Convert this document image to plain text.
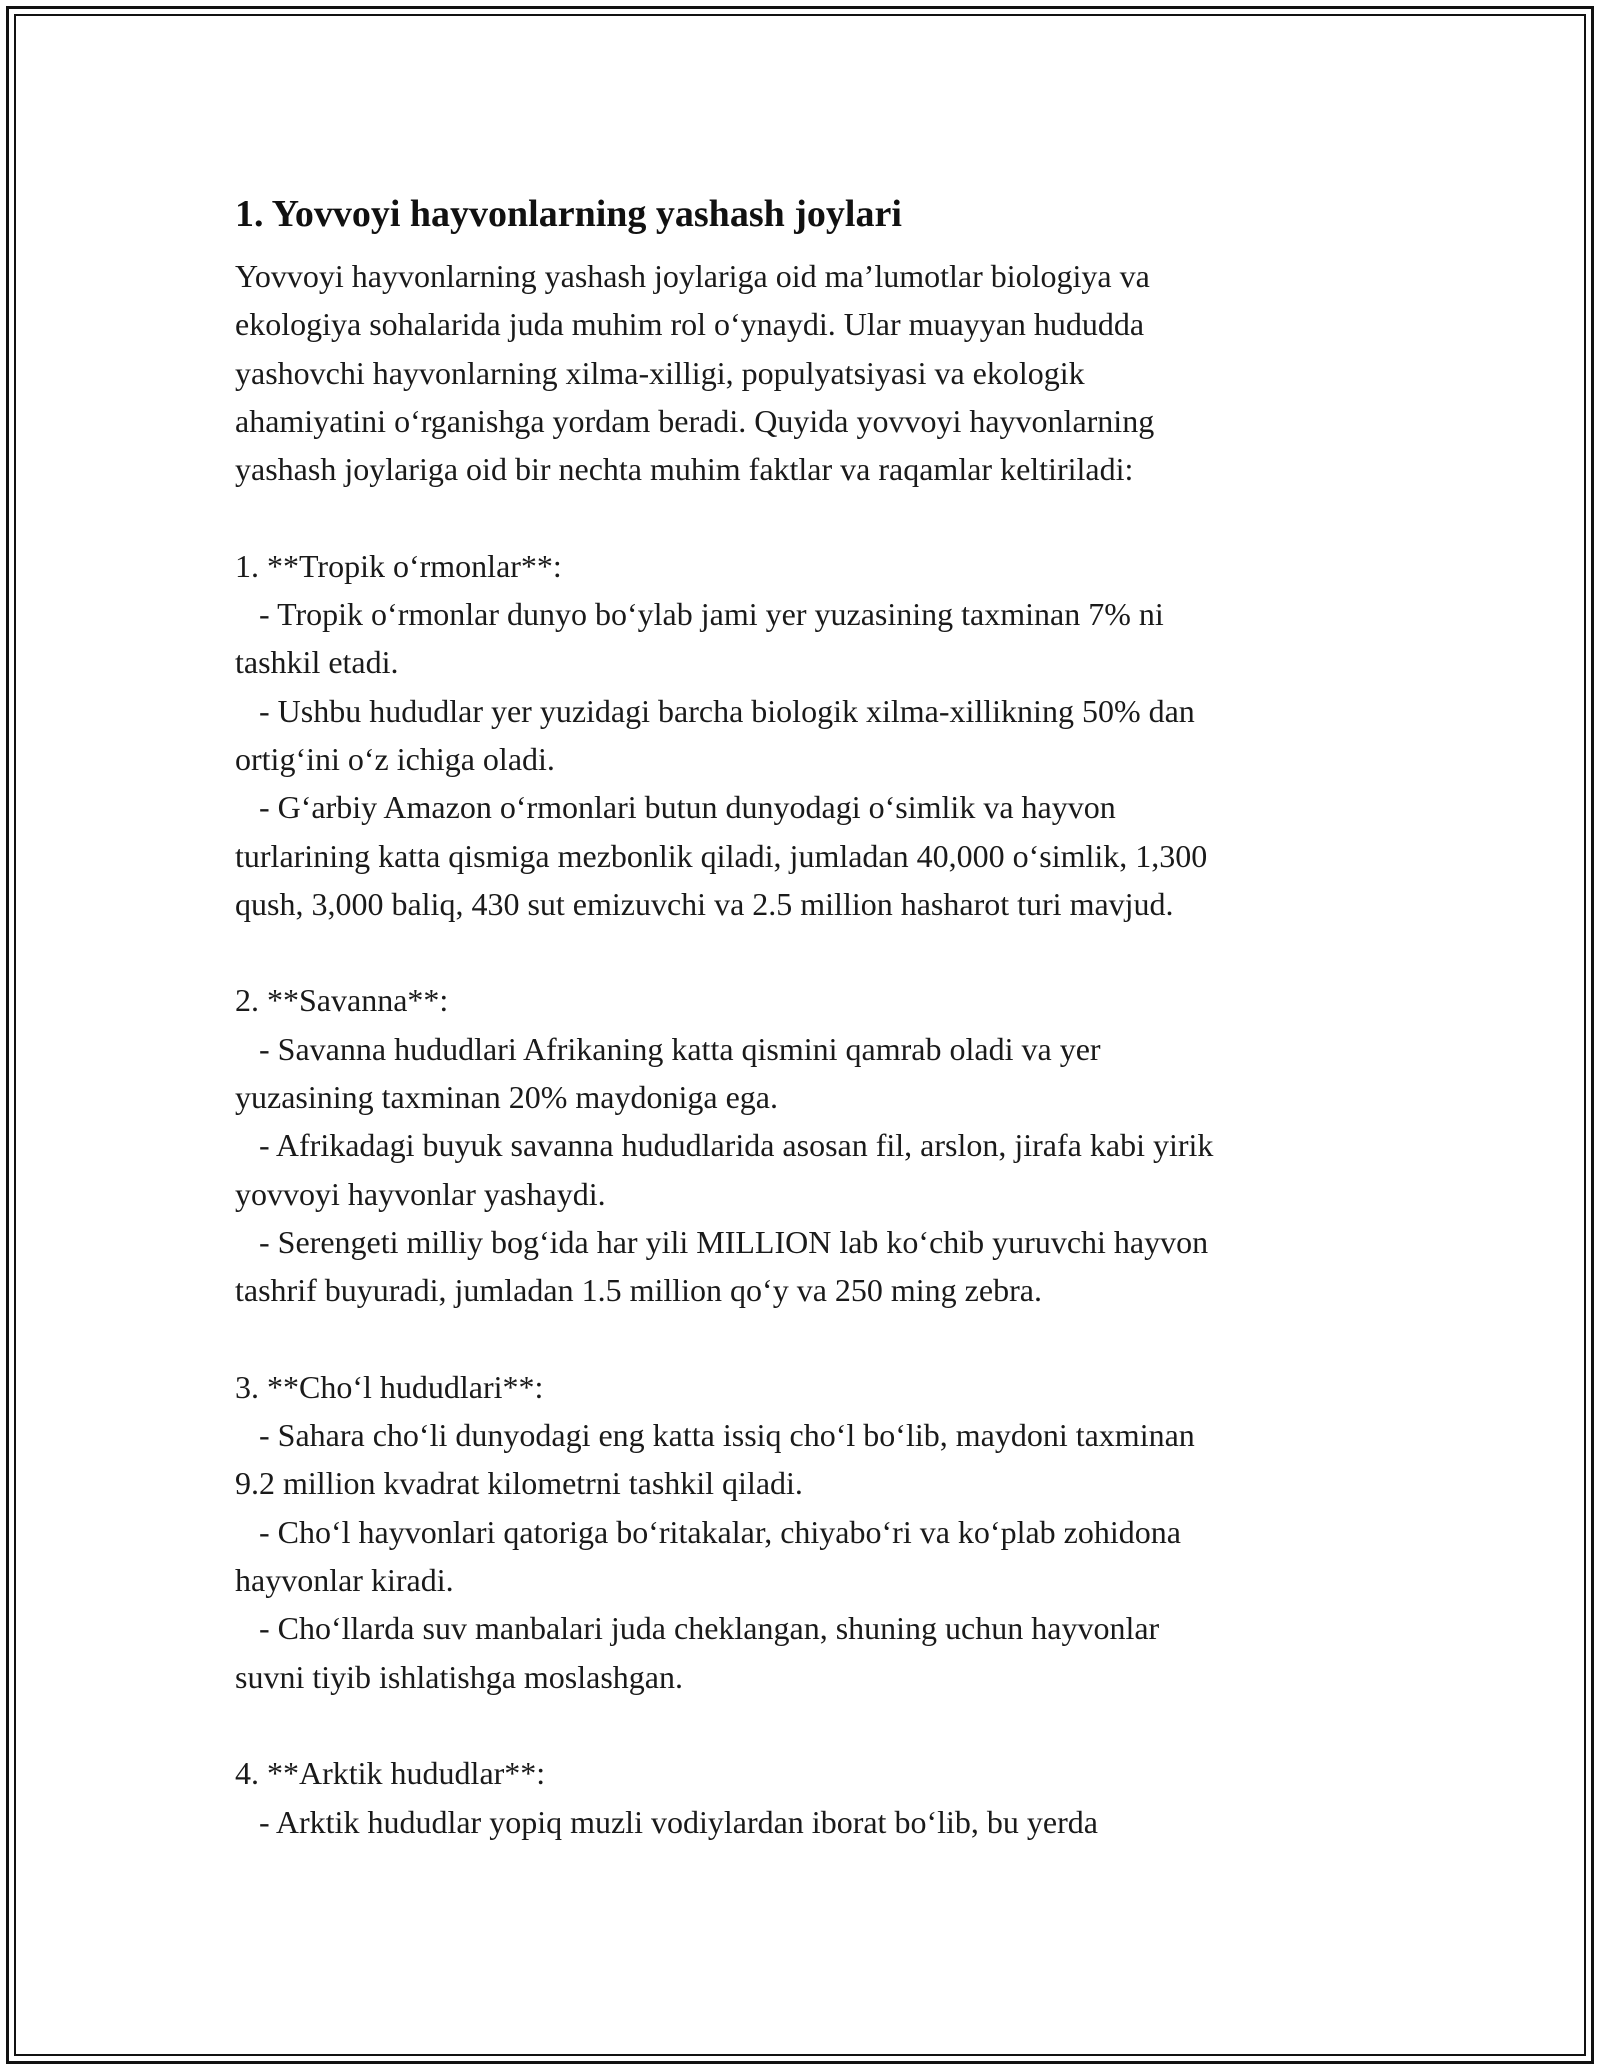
1. Yovvoyi hayvonlarning yashash joylari

Yovvoyi hayvonlarning yashash joylariga oid ma’lumotlar biologiya va
ekologiya sohalarida juda muhim rol o‘ynaydi. Ular muayyan hududda
yashovchi hayvonlarning xilma-xilligi, populyatsiyasi va ekologik
ahamiyatini o‘rganishga yordam beradi. Quyida yovvoyi hayvonlarning
yashash joylariga oid bir nechta muhim faktlar va raqamlar keltiriladi:

1. **Tropik o‘rmonlar**:
- Tropik o‘rmonlar dunyo bo‘ylab jami yer yuzasining taxminan 7% ni
tashkil etadi.
- Ushbu hududlar yer yuzidagi barcha biologik xilma-xillikning 50% dan
ortig‘ini o‘z ichiga oladi.
- G‘arbiy Amazon o‘rmonlari butun dunyodagi o‘simlik va hayvon
turlarining katta qismiga mezbonlik qiladi, jumladan 40,000 o‘simlik, 1,300
qush, 3,000 baliq, 430 sut emizuvchi va 2.5 million hasharot turi mavjud.

2. **Savanna**:
- Savanna hududlari Afrikaning katta qismini qamrab oladi va yer
yuzasining taxminan 20% maydoniga ega.
- Afrikadagi buyuk savanna hududlarida asosan fil, arslon, jirafa kabi yirik
yovvoyi hayvonlar yashaydi.
- Serengeti milliy bog‘ida har yili MILLION lab ko‘chib yuruvchi hayvon
tashrif buyuradi, jumladan 1.5 million qo‘y va 250 ming zebra.

3. **Cho‘l hududlari**:
- Sahara cho‘li dunyodagi eng katta issiq cho‘l bo‘lib, maydoni taxminan
9.2 million kvadrat kilometrni tashkil qiladi.
- Cho‘l hayvonlari qatoriga bo‘ritakalar, chiyabo‘ri va ko‘plab zohidona
hayvonlar kiradi.
- Cho‘llarda suv manbalari juda cheklangan, shuning uchun hayvonlar
suvni tiyib ishlatishga moslashgan.

4. **Arktik hududlar**:
- Arktik hududlar yopiq muzli vodiylardan iborat bo‘lib, bu yerda
